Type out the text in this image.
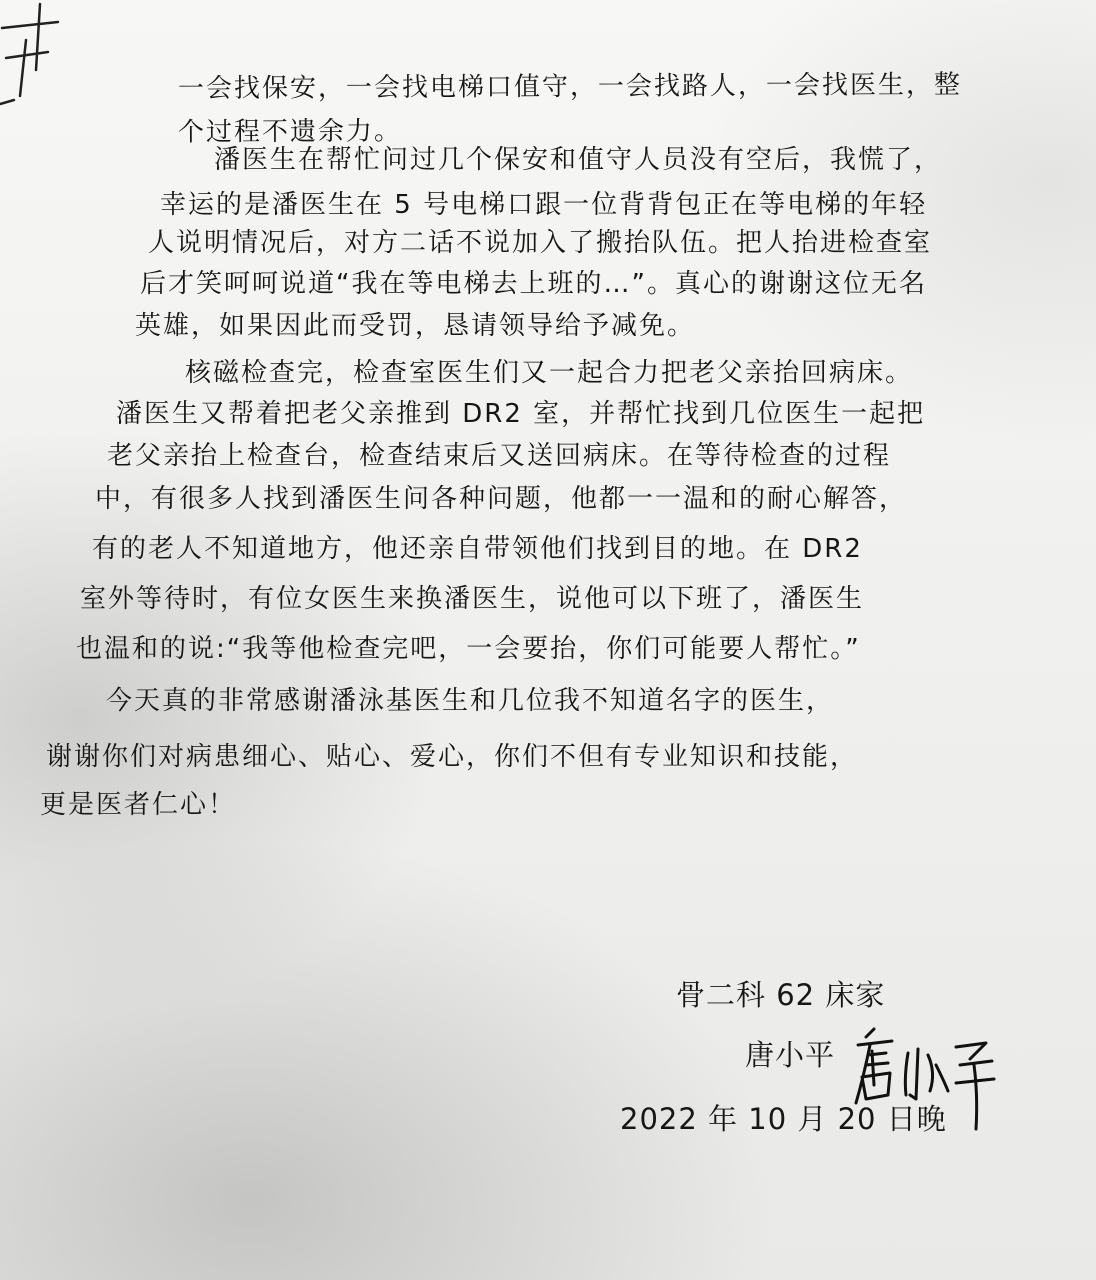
一会找保安，一会找电梯口值守，一会找路人，一会找医生，整
个过程不遗余力。
潘医生在帮忙问过几个保安和值守人员没有空后，我慌了，
幸运的是潘医生在 5 号电梯口跟一位背背包正在等电梯的年轻
人说明情况后，对方二话不说加入了搬抬队伍。把人抬进检查室
后才笑呵呵说道“我在等电梯去上班的…”。真心的谢谢这位无名
英雄，如果因此而受罚，恳请领导给予减免。
核磁检查完，检查室医生们又一起合力把老父亲抬回病床。
潘医生又帮着把老父亲推到 DR2 室，并帮忙找到几位医生一起把
老父亲抬上检查台，检查结束后又送回病床。在等待检查的过程
中，有很多人找到潘医生问各种问题，他都一一温和的耐心解答，
有的老人不知道地方，他还亲自带领他们找到目的地。在 DR2
室外等待时，有位女医生来换潘医生，说他可以下班了，潘医生
也温和的说:“我等他检查完吧，一会要抬，你们可能要人帮忙。”
今天真的非常感谢潘泳基医生和几位我不知道名字的医生，
谢谢你们对病患细心、贴心、爱心，你们不但有专业知识和技能，
更是医者仁心！
骨二科 62 床家
唐小平
2022 年 10 月 20 日晚
